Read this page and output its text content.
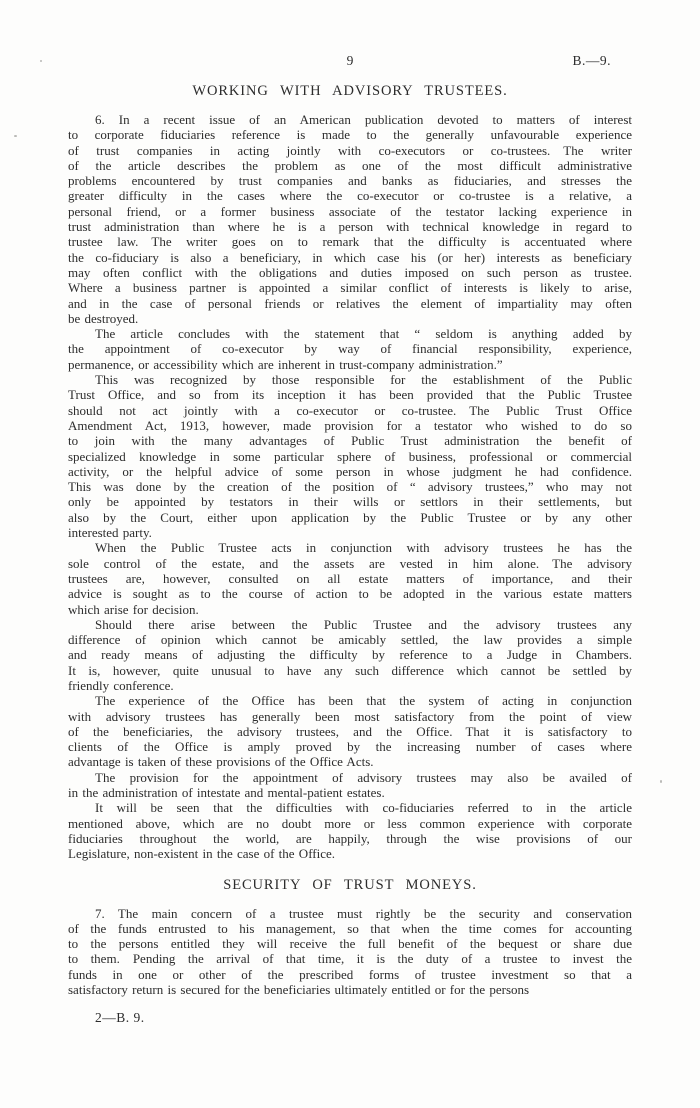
9	B.—9.
WORKING WITH ADVISORY TRUSTEES.

6. In a recent issue of an American publication devoted to matters of interest
to corporate fiduciaries reference is made to the generally unfavourable experience
of trust companies in acting jointly with co-executors or co-trustees. The writer
of the article describes the problem as one of the most difficult administrative
problems encountered by trust companies and banks as fiduciaries, and stresses the
greater difficulty in the cases where the co-executor or co-trustee is a relative, a
personal friend, or a former business associate of the testator lacking experience in
trust administration than where he is a person with technical knowledge in regard to
trustee law. The writer goes on to remark that the difficulty is accentuated where
the co-fiduciary is also a beneficiary, in which case his (or her) interests as beneficiary
may often conflict with the obligations and duties imposed on such person as trustee.
Where a business partner is appointed a similar conflict of interests is likely to arise,
and in the case of personal friends or relatives the element of impartiality may often
be destroyed.

The article concludes with the statement that “ seldom is anything added by
the appointment of co-executor by way of financial responsibility, experience,
permanence, or accessibility which are inherent in trust-company administration.”

This was recognized by those responsible for the establishment of the Public
Trust Office, and so from its inception it has been provided that the Public Trustee
should not act jointly with a co-executor or co-trustee. The Public Trust Office
Amendment Act, 1913, however, made provision for a testator who wished to do so
to join with the many advantages of Public Trust administration the benefit of
specialized knowledge in some particular sphere of business, professional or commercial
activity, or the helpful advice of some person in whose judgment he had confidence.
This was done by the creation of the position of “ advisory trustees,” who may not
only be appointed by testators in their wills or settlors in their settlements, but
also by the Court, either upon application by the Public Trustee or by any other
interested party.

When the Public Trustee acts in conjunction with advisory trustees he has the
sole control of the estate, and the assets are vested in him alone. The advisory
trustees are, however, consulted on all estate matters of importance, and their
advice is sought as to the course of action to be adopted in the various estate matters
which arise for decision.

Should there arise between the Public Trustee and the advisory trustees any
difference of opinion which cannot be amicably settled, the law provides a simple
and ready means of adjusting the difficulty by reference to a Judge in Chambers.
It is, however, quite unusual to have any such difference which cannot be settled by
friendly conference.

The experience of the Office has been that the system of acting in conjunction
with advisory trustees has generally been most satisfactory from the point of view
of the beneficiaries, the advisory trustees, and the Office. That it is satisfactory to
clients of the Office is amply proved by the increasing number of cases where
advantage is taken of these provisions of the Office Acts.

The provision for the appointment of advisory trustees may also be availed of
in the administration of intestate and mental-patient estates.

It will be seen that the difficulties with co-fiduciaries referred to in the article
mentioned above, which are no doubt more or less common experience with corporate
fiduciaries throughout the world, are happily, through the wise provisions of our
Legislature, non-existent in the case of the Office.

SECURITY OF TRUST MONEYS.

7. The main concern of a trustee must rightly be the security and conservation
of the funds entrusted to his management, so that when the time comes for accounting
to the persons entitled they will receive the full benefit of the bequest or share due
to them. Pending the arrival of that time, it is the duty of a trustee to invest the
funds in one or other of the prescribed forms of trustee investment so that a
satisfactory return is secured for the beneficiaries ultimately entitled or for the persons

2—B. 9.
